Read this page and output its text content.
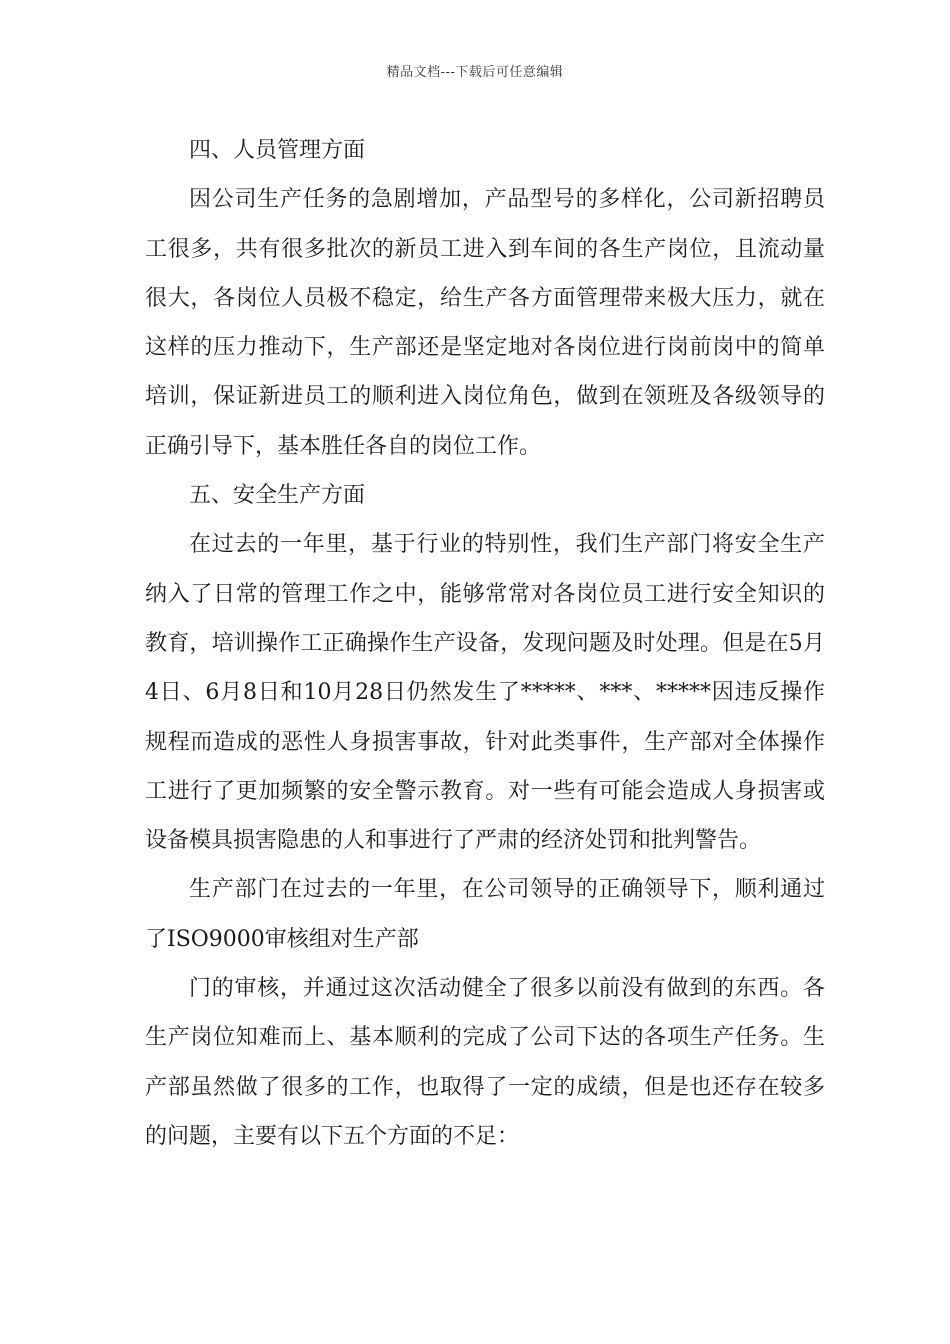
精品文档---下载后可任意编辑

四、人员管理方面

因公司生产任务的急剧增加，产品型号的多样化，公司新招聘员工很多，共有很多批次的新员工进入到车间的各生产岗位，且流动量很大，各岗位人员极不稳定，给生产各方面管理带来极大压力，就在这样的压力推动下，生产部还是坚定地对各岗位进行岗前岗中的简单培训，保证新进员工的顺利进入岗位角色，做到在领班及各级领导的正确引导下，基本胜任各自的岗位工作。

五、安全生产方面

在过去的一年里，基于行业的特别性，我们生产部门将安全生产纳入了日常的管理工作之中，能够常常对各岗位员工进行安全知识的教育，培训操作工正确操作生产设备，发现问题及时处理。但是在5月4日、6月8日和10月28日仍然发生了*****、***、*****因违反操作规程而造成的恶性人身损害事故，针对此类事件，生产部对全体操作工进行了更加频繁的安全警示教育。对一些有可能会造成人身损害或设备模具损害隐患的人和事进行了严肃的经济处罚和批判警告。

生产部门在过去的一年里，在公司领导的正确领导下，顺利通过了ISO9000审核组对生产部

门的审核，并通过这次活动健全了很多以前没有做到的东西。各生产岗位知难而上、基本顺利的完成了公司下达的各项生产任务。生产部虽然做了很多的工作，也取得了一定的成绩，但是也还存在较多的问题，主要有以下五个方面的不足：
